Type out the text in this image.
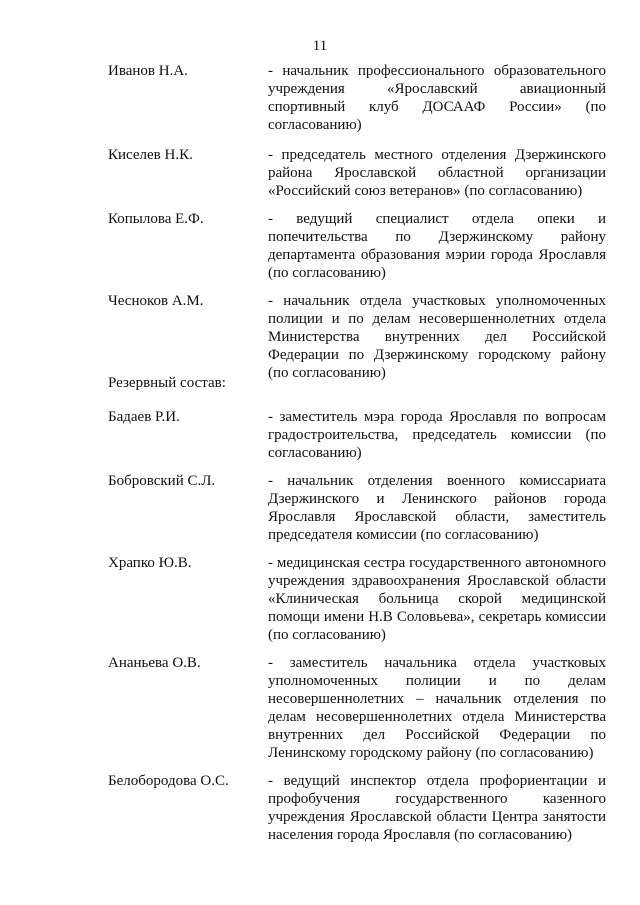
11
Иванов Н.А.	- начальник профессионального образовательного учреждения «Ярославский авиационный спортивный клуб ДОСААФ России» (по согласованию)
Киселев Н.К.	- председатель местного отделения Дзержинского района Ярославской областной организации «Российский союз ветеранов» (по согласованию)
Копылова Е.Ф.	- ведущий специалист отдела опеки и попечительства по Дзержинскому району департамента образования мэрии города Ярославля (по согласованию)
Чесноков А.М.	- начальник отдела участковых уполномоченных полиции и по делам несовершеннолетних отдела Министерства внутренних дел Российской Федерации по Дзержинскому городскому району (по согласованию)
Резервный состав:
Бадаев Р.И.	- заместитель мэра города Ярославля по вопросам градостроительства, председатель комиссии (по согласованию)
Бобровский С.Л.	- начальник отделения военного комиссариата Дзержинского и Ленинского районов города Ярославля Ярославской области, заместитель председателя комиссии (по согласованию)
Храпко Ю.В.	- медицинская сестра государственного автономного учреждения здравоохранения Ярославской области «Клиническая больница скорой медицинской помощи имени Н.В Соловьева», секретарь комиссии (по согласованию)
Ананьева О.В.	- заместитель начальника отдела участковых уполномоченных полиции и по делам несовершеннолетних – начальник отделения по делам несовершеннолетних отдела Министерства внутренних дел Российской Федерации по Ленинскому городскому району (по согласованию)
Белобородова О.С.	- ведущий инспектор отдела профориентации и профобучения государственного казенного учреждения Ярославской области Центра занятости населения города Ярославля (по согласованию)
